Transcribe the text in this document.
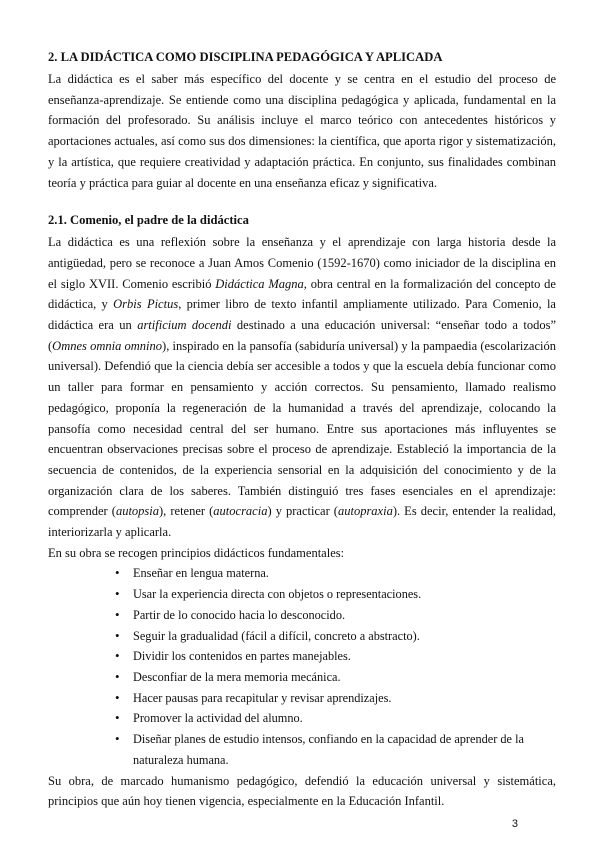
2. LA DIDÁCTICA COMO DISCIPLINA PEDAGÓGICA Y APLICADA

La didáctica es el saber más específico del docente y se centra en el estudio del proceso de enseñanza-aprendizaje. Se entiende como una disciplina pedagógica y aplicada, fundamental en la formación del profesorado. Su análisis incluye el marco teórico con antecedentes históricos y aportaciones actuales, así como sus dos dimensiones: la científica, que aporta rigor y sistematización, y la artística, que requiere creatividad y adaptación práctica. En conjunto, sus finalidades combinan teoría y práctica para guiar al docente en una enseñanza eficaz y significativa.

2.1. Comenio, el padre de la didáctica

La didáctica es una reflexión sobre la enseñanza y el aprendizaje con larga historia desde la antigüedad, pero se reconoce a Juan Amos Comenio (1592-1670) como iniciador de la disciplina en el siglo XVII. Comenio escribió Didáctica Magna, obra central en la formalización del concepto de didáctica, y Orbis Pictus, primer libro de texto infantil ampliamente utilizado. Para Comenio, la didáctica era un artificium docendi destinado a una educación universal: “enseñar todo a todos” (Omnes omnia omnino), inspirado en la pansofía (sabiduría universal) y la pampaedia (escolarización universal). Defendió que la ciencia debía ser accesible a todos y que la escuela debía funcionar como un taller para formar en pensamiento y acción correctos. Su pensamiento, llamado realismo pedagógico, proponía la regeneración de la humanidad a través del aprendizaje, colocando la pansofía como necesidad central del ser humano. Entre sus aportaciones más influyentes se encuentran observaciones precisas sobre el proceso de aprendizaje. Estableció la importancia de la secuencia de contenidos, de la experiencia sensorial en la adquisición del conocimiento y de la organización clara de los saberes. También distinguió tres fases esenciales en el aprendizaje: comprender (autopsia), retener (autocracia) y practicar (autopraxia). Es decir, entender la realidad, interiorizarla y aplicarla.

En su obra se recogen principios didácticos fundamentales:

• Enseñar en lengua materna.
• Usar la experiencia directa con objetos o representaciones.
• Partir de lo conocido hacia lo desconocido.
• Seguir la gradualidad (fácil a difícil, concreto a abstracto).
• Dividir los contenidos en partes manejables.
• Desconfiar de la mera memoria mecánica.
• Hacer pausas para recapitular y revisar aprendizajes.
• Promover la actividad del alumno.
• Diseñar planes de estudio intensos, confiando en la capacidad de aprender de la naturaleza humana.

Su obra, de marcado humanismo pedagógico, defendió la educación universal y sistemática, principios que aún hoy tienen vigencia, especialmente en la Educación Infantil.

3
